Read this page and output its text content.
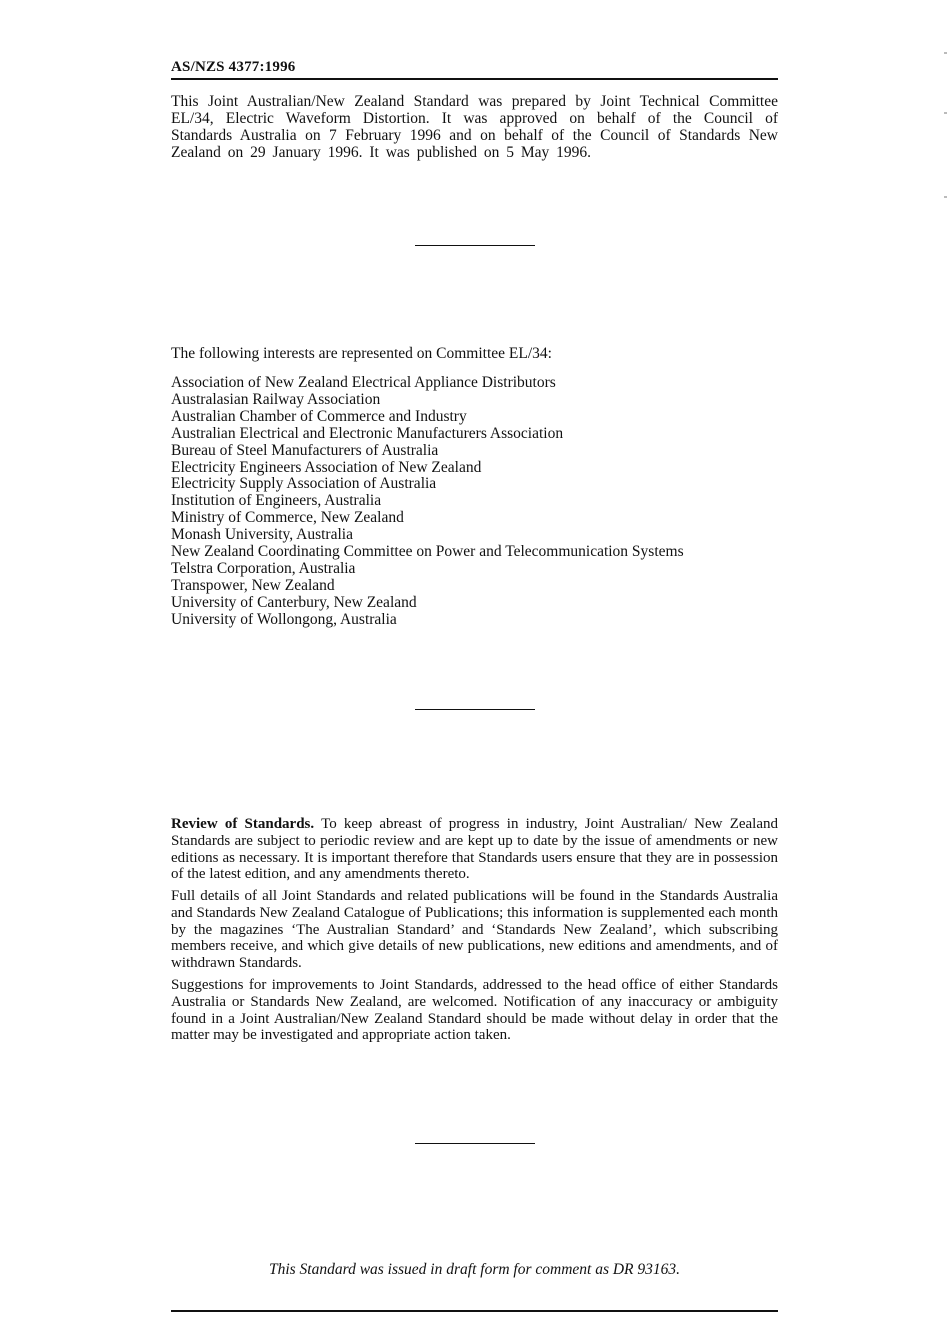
AS/NZS 4377:1996

This Joint Australian/New Zealand Standard was prepared by Joint Technical Committee EL/34, Electric Waveform Distortion. It was approved on behalf of the Council of Standards Australia on 7 February 1996 and on behalf of the Council of Standards New Zealand on 29 January 1996. It was published on 5 May 1996.

The following interests are represented on Committee EL/34:

Association of New Zealand Electrical Appliance Distributors
Australasian Railway Association
Australian Chamber of Commerce and Industry
Australian Electrical and Electronic Manufacturers Association
Bureau of Steel Manufacturers of Australia
Electricity Engineers Association of New Zealand
Electricity Supply Association of Australia
Institution of Engineers, Australia
Ministry of Commerce, New Zealand
Monash University, Australia
New Zealand Coordinating Committee on Power and Telecommunication Systems
Telstra Corporation, Australia
Transpower, New Zealand
University of Canterbury, New Zealand
University of Wollongong, Australia

Review of Standards. To keep abreast of progress in industry, Joint Australian/ New Zealand Standards are subject to periodic review and are kept up to date by the issue of amendments or new editions as necessary. It is important therefore that Standards users ensure that they are in possession of the latest edition, and any amendments thereto.

Full details of all Joint Standards and related publications will be found in the Standards Australia and Standards New Zealand Catalogue of Publications; this information is supplemented each month by the magazines ‘The Australian Standard’ and ‘Standards New Zealand’, which subscribing members receive, and which give details of new publications, new editions and amendments, and of withdrawn Standards.

Suggestions for improvements to Joint Standards, addressed to the head office of either Standards Australia or Standards New Zealand, are welcomed. Notification of any inaccuracy or ambiguity found in a Joint Australian/New Zealand Standard should be made without delay in order that the matter may be investigated and appropriate action taken.

This Standard was issued in draft form for comment as DR 93163.
